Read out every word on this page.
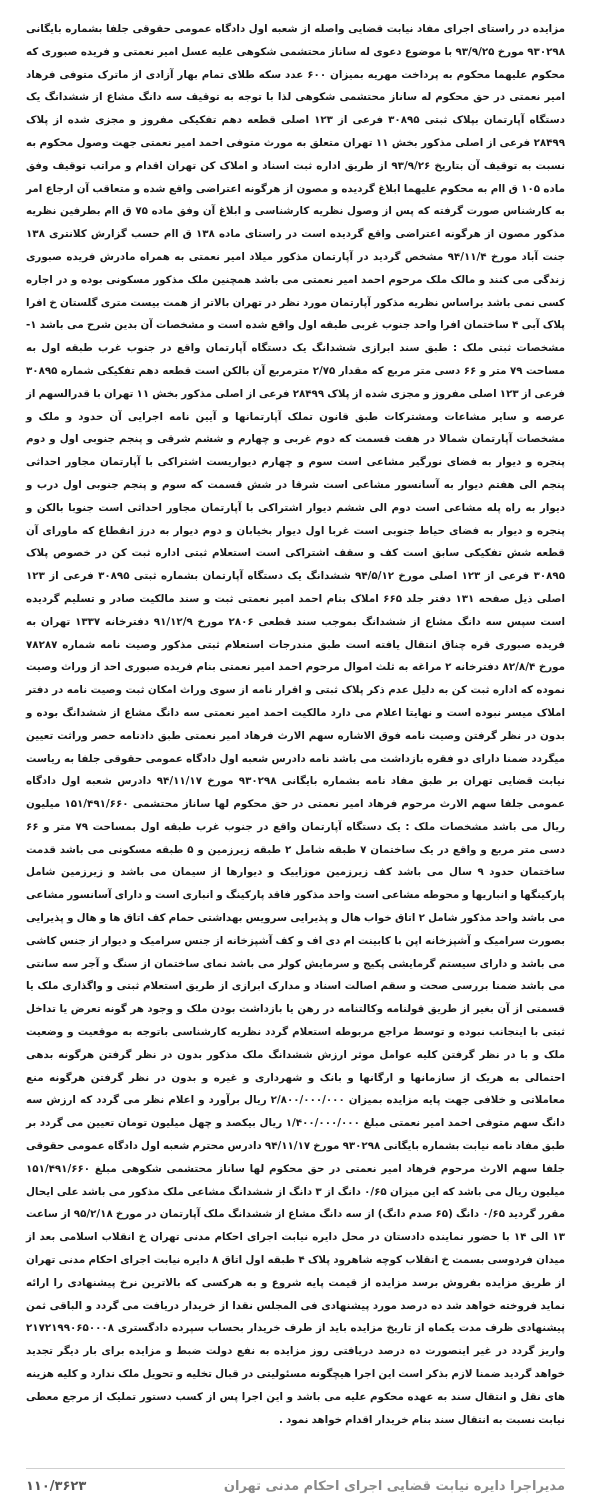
مزایده در راستای اجرای مفاد نیابت قضایی واصله از شعبه اول دادگاه عمومی حقوقی جلفا بشماره بایگانی ۹۳۰۲۹۸ مورخ ۹۳/۹/۲۵ با موضوع دعوی له ساناز محتشمی شکوهی علیه عسل امیر نعمتی و فریده صبوری که محکوم علیهما محکوم به پرداخت مهریه بمیزان ۶۰۰ عدد سکه طلای تمام بهار آزادی از ماترک متوفی فرهاد امیر نعمتی در حق محکوم له ساناز محتشمی شکوهی لذا با توجه به توقیف سه دانگ مشاع از ششدانگ یک دستگاه آپارتمان بپلاک ثبتی ۳۰۸۹۵ فرعی از ۱۲۳ اصلی قطعه دهم تفکیکی مفروز و مجزی شده از پلاک ۲۸۴۹۹ فرعی از اصلی مذکور بخش ۱۱ تهران متعلق به مورث متوفی احمد امیر نعمتی جهت وصول محکوم به نسبت به توقیف آن بتاریخ ۹۳/۹/۲۶ از طریق اداره ثبت اسناد و املاک کن تهران اقدام و مراتب توقیف وفق ماده ۱۰۵ ق اام به محکوم علیهما ابلاغ گردیده و مصون از هرگونه اعتراضی واقع شده و متعاقب آن ارجاع امر به کارشناس صورت گرفته که پس از وصول نظریه کارشناسی و ابلاغ آن وفق ماده ۷۵ ق اام بطرفین نظریه مذکور مصون از هرگونه اعتراضی واقع گردیده است در راستای ماده ۱۳۸ ق اام حسب گزارش کلانتری ۱۳۸ جنت آباد مورخ ۹۴/۱۱/۴ مشخص گردید در آپارتمان مذکور میلاد امیر نعمتی به همراه مادرش فریده صبوری زندگی می کنند و مالک ملک مرحوم احمد امیر نعمتی می باشد همچنین ملک مذکور مسکونی بوده و در اجاره کسی نمی باشد براساس نظریه مذکور آپارتمان مورد نظر در تهران بالاتر از همت بیست متری گلستان خ افرا پلاک آبی ۴ ساختمان افرا واحد جنوب غربی طبقه اول واقع شده است و مشخصات آن بدین شرح می باشد ۱- مشخصات ثبتی ملک : طبق سند ابرازی ششدانگ یک دستگاه آپارتمان واقع در جنوب غرب طبقه اول به مساحت ۷۹ متر و ۶۶ دسی متر مربع که مقدار ۲/۷۵ مترمربع آن بالکن است قطعه دهم تفکیکی شماره ۳۰۸۹۵ فرعی از ۱۲۳ اصلی مفروز و مجزی شده از پلاک ۲۸۴۹۹ فرعی از اصلی مذکور بخش ۱۱ تهران با قدرالسهم از عرصه و سایر مشاعات ومشترکات طبق قانون تملک آپارتمانها و آیین نامه اجرایی آن حدود و ملک و مشخصات آپارتمان شمالا در هفت قسمت که دوم غربی و چهارم و ششم شرقی و پنجم جنوبی اول و دوم پنجره و دیوار به فضای نورگیر مشاعی است سوم و چهارم دیواریست اشتراکی با آپارتمان مجاور احداثی پنجم الی هفتم دیوار به آسانسور مشاعی است شرقا در شش قسمت که سوم و پنجم جنوبی اول درب و دیوار به راه پله مشاعی است دوم الی ششم دیوار اشتراکی با آپارتمان مجاور احداثی است جنوبا بالکن و پنجره و دیوار به فضای حیاط جنوبی است غربا اول دیوار بخیابان و دوم دیوار به درز انقطاع که ماورای آن قطعه شش تفکیکی سابق است کف و سقف اشتراکی است استعلام ثبتی اداره ثبت کن در خصوص پلاک ۳۰۸۹۵ فرعی از ۱۲۳ اصلی مورخ ۹۴/۵/۱۲ ششدانگ یک دستگاه آپارتمان بشماره ثبتی ۳۰۸۹۵ فرعی از ۱۲۳ اصلی ذیل صفحه ۱۳۱ دفتر جلد ۶۶۵ املاک بنام احمد امیر نعمتی ثبت و سند مالکیت صادر و تسلیم گردیده است سپس سه دانگ مشاع از ششدانگ بموجب سند قطعی ۲۸۰۶ مورخ ۹۱/۱۲/۹ دفترخانه ۱۳۳۷ تهران به فریده صبوری قره چناق انتقال یافته است طبق مندرجات استعلام ثبتی مذکور وصیت نامه شماره ۷۸۲۸۷ مورخ ۸۲/۸/۴ دفترخانه ۲ مراغه به ثلث اموال مرحوم احمد امیر نعمتی بنام فریده صبوری احد از وراث وصیت نموده که اداره ثبت کن به دلیل عدم ذکر پلاک ثبتی و اقرار نامه از سوی وراث امکان ثبت وصیت نامه در دفتر املاک میسر نبوده است و نهایتا اعلام می دارد مالکیت احمد امیر نعمتی سه دانگ مشاع از ششدانگ بوده و بدون در نظر گرفتن وصیت نامه فوق الاشاره سهم الارث فرهاد امیر نعمتی طبق دادنامه حصر وراثت تعیین میگردد ضمنا دارای دو فقره بازداشت می باشد نامه دادرس شعبه اول دادگاه عمومی حقوقی جلفا به ریاست نیابت قضایی تهران بر طبق مفاد نامه بشماره بایگانی ۹۳۰۲۹۸ مورخ ۹۴/۱۱/۱۷ دادرس شعبه اول دادگاه عمومی جلفا سهم الارث مرحوم فرهاد امیر نعمتی در حق محکوم لها ساناز محتشمی ۱۵۱/۴۹۱/۶۶۰ میلیون ریال می باشد مشخصات ملک : یک دستگاه آپارتمان واقع در جنوب غرب طبقه اول بمساحت ۷۹ متر و ۶۶ دسی متر مربع و واقع در یک ساختمان ۷ طبقه شامل ۲ طبقه زیرزمین و ۵ طبقه مسکونی می باشد قدمت ساختمان حدود ۹ سال می باشد کف زیرزمین موزاییک و دیوارها از سیمان می باشد و زیرزمین شامل پارکینگها و انباریها و محوطه مشاعی است واحد مذکور فاقد پارکینگ و انباری است و دارای آسانسور مشاعی می باشد واحد مذکور شامل ۲ اتاق خواب هال و پذیرایی سرویس بهداشتی حمام کف اتاق ها و هال و پذیرایی بصورت سرامیک و آشپزخانه اپن با کابینت ام دی اف و کف آشپزخانه از جنس سرامیک و دیوار از جنس کاشی می باشد و دارای سیستم گرمایشی پکیج و سرمایش کولر می باشد نمای ساختمان از سنگ و آجر سه سانتی می باشد ضمنا بررسی صحت و سقم اصالت اسناد و مدارک ابرازی از طریق استعلام ثبتی و واگذاری ملک یا قسمتی از آن بغیر از طریق قولنامه وکالتنامه در رهن یا بازداشت بودن ملک و وجود هر گونه تعرض یا تداخل ثبتی با اینجانب نبوده و توسط مراجع مربوطه استعلام گردد نظریه کارشناسی باتوجه به موقعیت و وضعیت ملک و با در نظر گرفتن کلیه عوامل موثر ارزش ششدانگ ملک مذکور بدون در نظر گرفتن هرگونه بدهی احتمالی به هریک از سازمانها و ارگانها و بانک و شهرداری و غیره و بدون در نظر گرفتن هرگونه منع معاملاتی و خلافی جهت پایه مزایده بمیزان ۲/۸۰۰/۰۰۰/۰۰۰ ریال برآورد و اعلام نظر می گردد که ارزش سه دانگ سهم متوفی احمد امیر نعمتی مبلغ ۱/۴۰۰/۰۰۰/۰۰۰ ریال بیکصد و چهل میلیون تومان تعیین می گردد بر طبق مفاد نامه نیابت بشماره بایگانی ۹۳۰۲۹۸ مورخ ۹۴/۱۱/۱۷ دادرس محترم شعبه اول دادگاه عمومی حقوقی جلفا سهم الارث مرحوم فرهاد امیر نعمتی در حق محکوم لها ساناز محتشمی شکوهی مبلغ ۱۵۱/۴۹۱/۶۶۰ میلیون ریال می باشد که این میزان ۰/۶۵ دانگ از ۳ دانگ از ششدانگ مشاعی ملک مذکور می باشد علی ایحال مقرر گردید ۰/۶۵ دانگ (۶۵ صدم دانگ) از سه دانگ مشاع از ششدانگ ملک آپارتمان در مورخ ۹۵/۲/۱۸ از ساعت ۱۳ الی ۱۴ با حضور نماینده دادستان در محل دایره نیابت اجرای احکام مدنی تهران خ انقلاب اسلامی بعد از میدان فردوسی بسمت خ انقلاب کوچه شاهرود پلاک ۴ طبقه اول اتاق ۸ دایره نیابت اجرای احکام مدنی تهران از طریق مزایده بفروش برسد مزایده از قیمت پایه شروع و به هرکسی که بالاترین نرخ پیشنهادی را ارائه نماید فروخته خواهد شد ده درصد مورد پیشنهادی فی المجلس نقدا از خریدار دریافت می گردد و الباقی ثمن پیشنهادی ظرف مدت یکماه از تاریخ مزایده باید از طرف خریدار بحساب سپرده دادگستری ۲۱۷۲۱۹۹۰۶۵۰۰۰۸ واریز گردد در غیر اینصورت ده درصد دریافتی روز مزایده به نفع دولت ضبط و مزایده برای بار دیگر تجدید خواهد گردید ضمنا لازم بذکر است این اجرا هیچگونه مسئولیتی در قبال تخلیه و تحویل ملک ندارد و کلیه هزینه های نقل و انتقال سند به عهده محکوم علیه می باشد و این اجرا پس از کسب دستور تملیک از مرجع معطی نیابت نسبت به انتقال سند بنام خریدار اقدام خواهد نمود .

مدیراجرا دایره نیابت قضایی اجرای احکام مدنی تهران
۱۱۰/۳۶۲۳
